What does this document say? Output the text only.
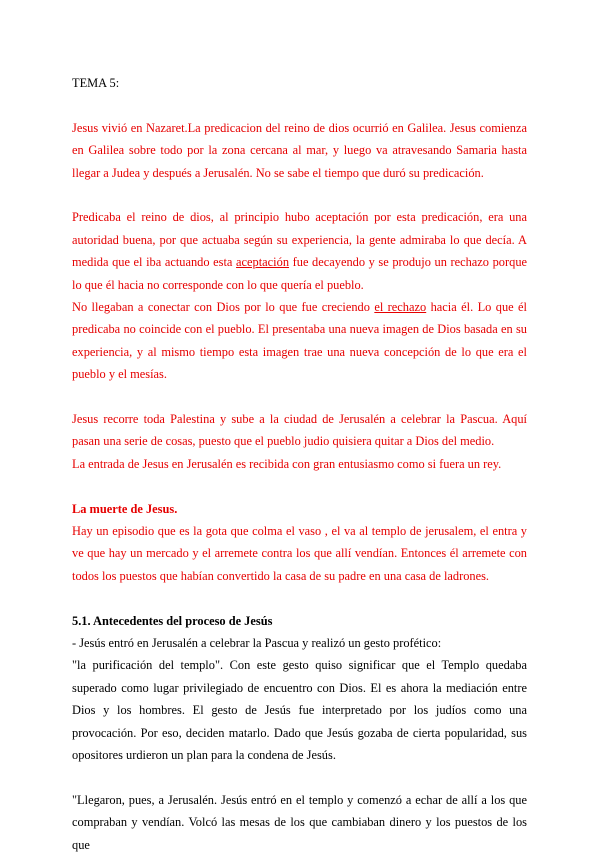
TEMA 5:

Jesus vivió en Nazaret.La predicacion del reino de dios ocurrió en Galilea. Jesus comienza en Galilea sobre todo por la zona cercana al mar, y luego va atravesando Samaria hasta llegar a Judea y después a Jerusalén. No se sabe el tiempo que duró su predicación.

Predicaba el reino de dios, al principio hubo aceptación por esta predicación, era una autoridad buena, por que actuaba según su experiencia, la gente admiraba lo que decía. A medida que el iba actuando esta aceptación fue decayendo y se produjo un rechazo porque lo que él hacia no corresponde con lo que quería el pueblo.

No llegaban a conectar con Dios por lo que fue creciendo el rechazo hacia él. Lo que él predicaba no coincide con el pueblo. El presentaba una nueva imagen de Dios basada en su experiencia, y al mismo tiempo esta imagen trae una nueva concepción de lo que era el pueblo y el mesías.

Jesus recorre toda Palestina y sube a la ciudad de Jerusalén a celebrar la Pascua. Aquí pasan una serie de cosas, puesto que el pueblo judio quisiera quitar a Dios del medio.

La entrada de Jesus en Jerusalén es recibida con gran entusiasmo como si fuera un rey.

La muerte de Jesus.

Hay un episodio que es la gota que colma el vaso , el va al templo de jerusalem, el entra y ve que hay un mercado y el arremete contra los que allí vendían. Entonces él arremete con todos los puestos que habían convertido la casa de su padre en una casa de ladrones.

5.1. Antecedentes del proceso de Jesús

- Jesús entró en Jerusalén a celebrar la Pascua y realizó un gesto profético:

"la purificación del templo". Con este gesto quiso significar que el Templo quedaba superado como lugar privilegiado de encuentro con Dios. El es ahora la mediación entre Dios y los hombres. El gesto de Jesús fue interpretado por los judíos como una provocación. Por eso, deciden matarlo. Dado que Jesús gozaba de cierta popularidad, sus opositores urdieron un plan para la condena de Jesús.

"Llegaron, pues, a Jerusalén. Jesús entró en el templo y comenzó a echar de allí a los que compraban y vendían. Volcó las mesas de los que cambiaban dinero y los puestos de los que
